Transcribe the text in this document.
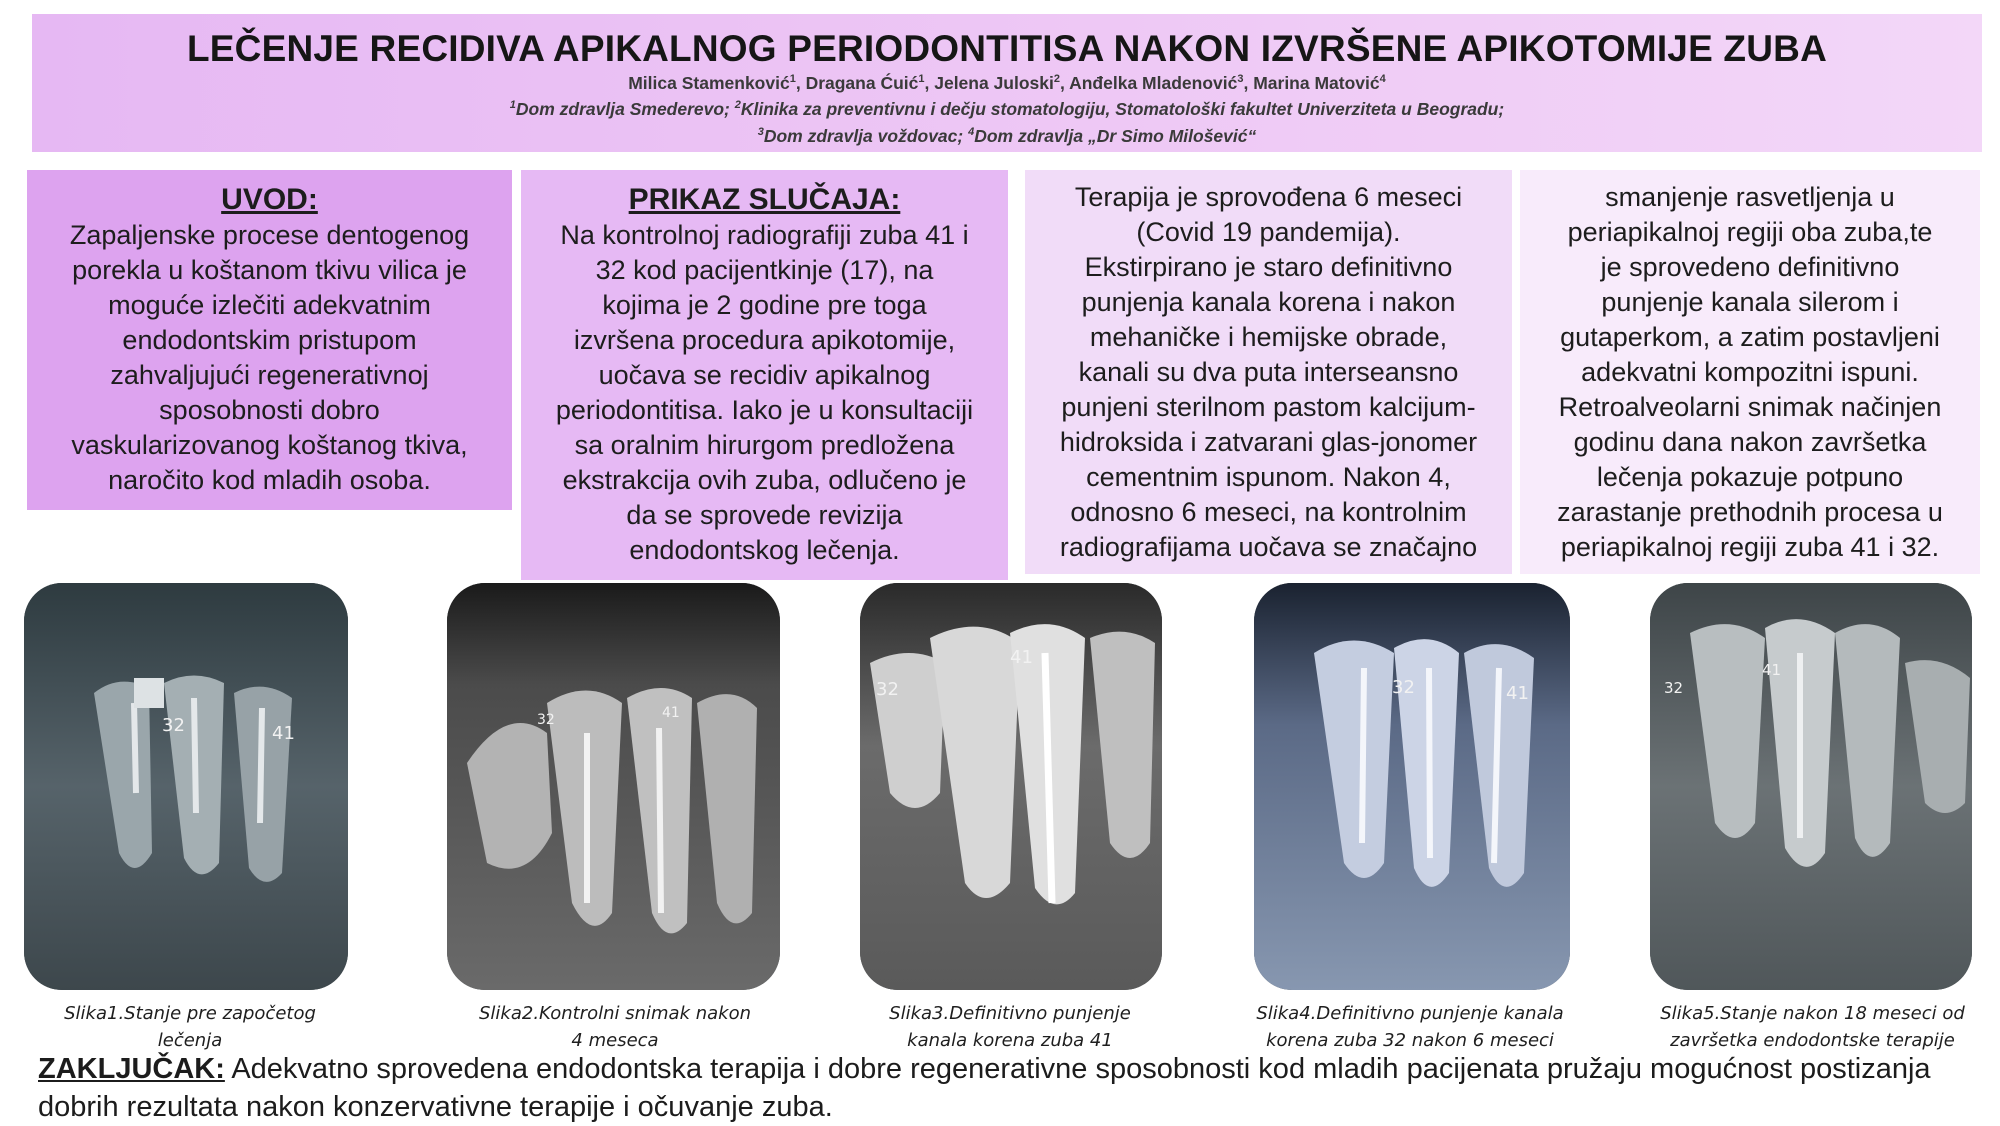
LEČENJE RECIDIVA APIKALNOG PERIODONTITISA NAKON IZVRŠENE APIKOTOMIJE ZUBA
Milica Stamenković$^1$, Dragana Ćuić$^1$, Jelena Juloski$^2$, Anđelka Mladenović$^3$, Marina Matović$^4$
$^1$Dom zdravlja Smederevo; $^2$Klinika za preventivnu i dečju stomatologiju, Stomatološki fakultet Univerziteta u Beogradu;
$^3$Dom zdravlja voždovac; $^4$Dom zdravlja „Dr Simo Milošević“
UVOD:
Zapaljenske procese dentogenog
porekla u koštanom tkivu vilica je
moguće izlečiti adekvatnim
endodontskim pristupom
zahvaljujući regenerativnoj
sposobnosti dobro
vaskularizovanog koštanog tkiva,
naročito kod mladih osoba.
PRIKAZ SLUČAJA:
Na kontrolnoj radiografiji zuba 41 i
32 kod pacijentkinje (17), na
kojima je 2 godine pre toga
izvršena procedura apikotomije,
uočava se recidiv apikalnog
periodontitisa. Iako je u konsultaciji
sa oralnim hirurgom predložena
ekstrakcija ovih zuba, odlučeno je
da se sprovede revizija
endodontskog lečenja.
Terapija je sprovođena 6 meseci
(Covid 19 pandemija).
Ekstirpirano je staro definitivno
punjenja kanala korena i nakon
mehaničke i hemijske obrade,
kanali su dva puta interseansno
punjeni sterilnom pastom kalcijum-
hidroksida i zatvarani glas-jonomer
cementnim ispunom. Nakon 4,
odnosno 6 meseci, na kontrolnim
radiografijama uočava se značajno
smanjenje rasvetljenja u
periapikalnoj regiji oba zuba,te
je sprovedeno definitivno
punjenje kanala silerom i
gutaperkom, a zatim postavljeni
adekvatni kompozitni ispuni.
Retroalveolarni snimak načinjen
godinu dana nakon završetka
lečenja pokazuje potpuno
zarastanje prethodnih procesa u
periapikalnoj regiji zuba 41 i 32.
32	41
32	41
32
41
32	41	32
41
Slika1.Stanje pre započetog
lečenja
Slika2.Kontrolni snimak nakon
4 meseca
Slika3.Definitivno punjenje
kanala korena zuba 41
Slika4.Definitivno punjenje kanala
korena zuba 32 nakon 6 meseci
Slika5.Stanje nakon 18 meseci od
završetka endodontske terapije
ZAKLJUČAK: Adekvatno sprovedena endodontska terapija i dobre regenerativne sposobnosti kod mladih pacijenata pružaju mogućnost postizanja dobrih rezultata nakon konzervativne terapije i očuvanje zuba.
